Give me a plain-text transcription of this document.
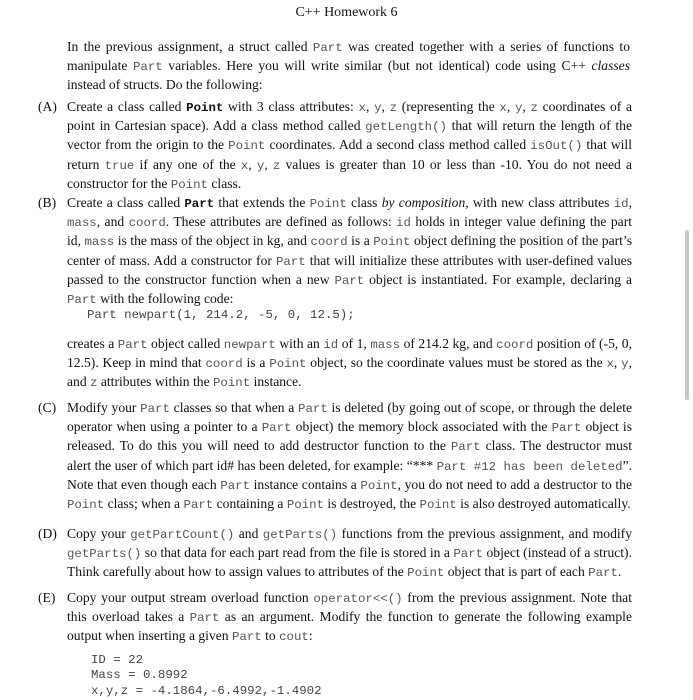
C++ Homework 6
In the previous assignment, a struct called Part was created together with a series of functions to manipulate Part variables. Here you will write similar (but not identical) code using C++ classes instead of structs. Do the following:
(A) Create a class called Point with 3 class attributes: x, y, z (representing the x, y, z coordinates of a point in Cartesian space). Add a class method called getLength() that will return the length of the vector from the origin to the Point coordinates. Add a second class method called isOut() that will return true if any one of the x, y, z values is greater than 10 or less than -10. You do not need a constructor for the Point class.
(B) Create a class called Part that extends the Point class by composition, with new class attributes id, mass, and coord. These attributes are defined as follows: id holds in integer value defining the part id, mass is the mass of the object in kg, and coord is a Point object defining the position of the part’s center of mass. Add a constructor for Part that will initialize these attributes with user-defined values passed to the constructor function when a new Part object is instantiated. For example, declaring a Part with the following code:
Part newpart(1, 214.2, -5, 0, 12.5);
creates a Part object called newpart with an id of 1, mass of 214.2 kg, and coord position of (-5, 0, 12.5). Keep in mind that coord is a Point object, so the coordinate values must be stored as the x, y, and z attributes within the Point instance.
(C) Modify your Part classes so that when a Part is deleted (by going out of scope, or through the delete operator when using a pointer to a Part object) the memory block associated with the Part object is released. To do this you will need to add destructor function to the Part class. The destructor must alert the user of which part id# has been deleted, for example: “*** Part #12 has been deleted”. Note that even though each Part instance contains a Point, you do not need to add a destructor to the Point class; when a Part containing a Point is destroyed, the Point is also destroyed automatically.
(D) Copy your getPartCount() and getParts() functions from the previous assignment, and modify getParts() so that data for each part read from the file is stored in a Part object (instead of a struct). Think carefully about how to assign values to attributes of the Point object that is part of each Part.
(E) Copy your output stream overload function operator<<() from the previous assignment. Note that this overload takes a Part as an argument. Modify the function to generate the following example output when inserting a given Part to cout:
ID = 22
Mass = 0.8992
x,y,z = -4.1864,-6.4992,-1.4902
